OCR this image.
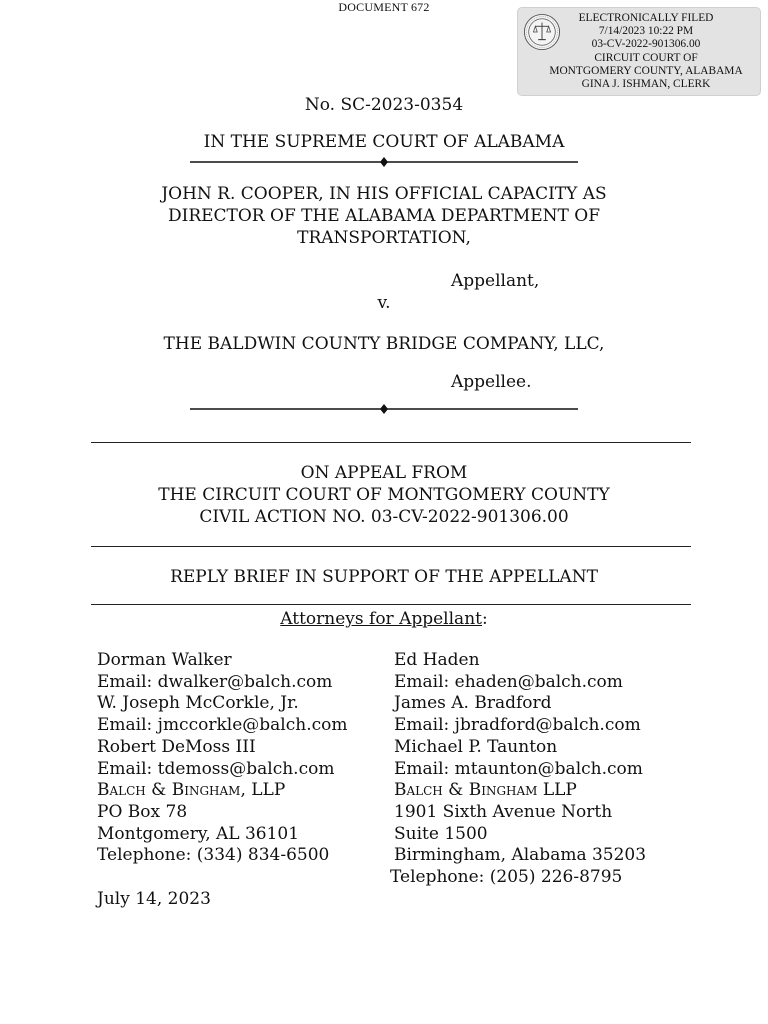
DOCUMENT 672
ELECTRONICALLY FILED
7/14/2023 10:22 PM
03-CV-2022-901306.00
CIRCUIT COURT OF
MONTGOMERY COUNTY, ALABAMA
GINA J. ISHMAN, CLERK
No. SC-2023-0354
IN THE SUPREME COURT OF ALABAMA
JOHN R. COOPER, IN HIS OFFICIAL CAPACITY AS
DIRECTOR OF THE ALABAMA DEPARTMENT OF
TRANSPORTATION,
Appellant,
v.
THE BALDWIN COUNTY BRIDGE COMPANY, LLC,
Appellee.
ON APPEAL FROM
THE CIRCUIT COURT OF MONTGOMERY COUNTY
CIVIL ACTION NO. 03-CV-2022-901306.00
REPLY BRIEF IN SUPPORT OF THE APPELLANT
Attorneys for Appellant:
Dorman Walker
Email: dwalker@balch.com
W. Joseph McCorkle, Jr.
Email: jmccorkle@balch.com
Robert DeMoss III
Email: tdemoss@balch.com
Balch & Bingham, LLP
PO Box 78
Montgomery, AL 36101
Telephone: (334) 834-6500
Ed Haden
Email: ehaden@balch.com
James A. Bradford
Email: jbradford@balch.com
Michael P. Taunton
Email: mtaunton@balch.com
Balch & Bingham LLP
1901 Sixth Avenue North
Suite 1500
Birmingham, Alabama 35203
Telephone: (205) 226-8795
July 14, 2023
